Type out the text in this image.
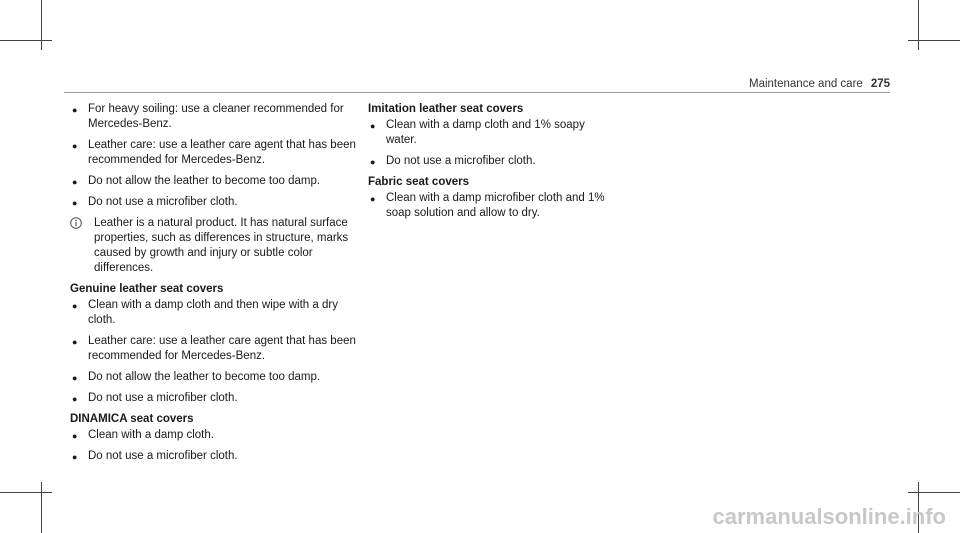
Maintenance and care 275
● For heavy soiling: use a cleaner recommended for Mercedes-Benz.
● Leather care: use a leather care agent that has been recommended for Mercedes-Benz.
● Do not allow the leather to become too damp.
● Do not use a microfiber cloth.
Leather is a natural product. It has natural surface properties, such as differences in structure, marks caused by growth and injury or subtle color differences.
Genuine leather seat covers
● Clean with a damp cloth and then wipe with a dry cloth.
● Leather care: use a leather care agent that has been recommended for Mercedes-Benz.
● Do not allow the leather to become too damp.
● Do not use a microfiber cloth.
DINAMICA seat covers
● Clean with a damp cloth.
● Do not use a microfiber cloth.
Imitation leather seat covers
● Clean with a damp cloth and 1% soapy water.
● Do not use a microfiber cloth.
Fabric seat covers
● Clean with a damp microfiber cloth and 1% soap solution and allow to dry.
carmanualsonline.info
